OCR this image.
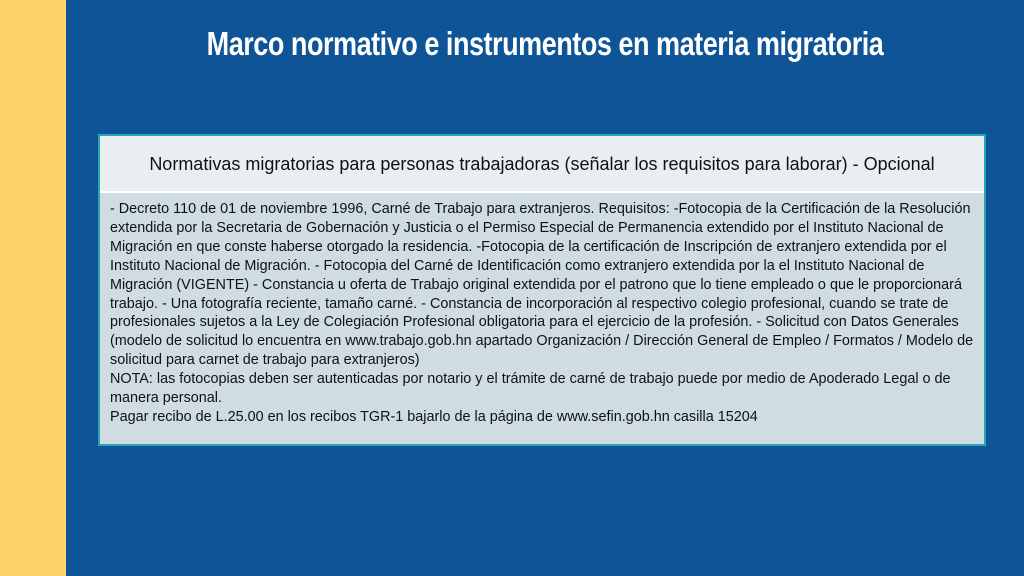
Marco normativo e instrumentos en materia migratoria
Normativas migratorias para personas trabajadoras (señalar los requisitos para laborar) - Opcional

- Decreto 110 de 01 de noviembre 1996, Carné de Trabajo para extranjeros. Requisitos: -Fotocopia de la Certificación de la Resolución extendida por la Secretaria de Gobernación y Justicia o el Permiso Especial de Permanencia extendido por el Instituto Nacional de Migración en que conste haberse otorgado la residencia. -Fotocopia de la certificación de Inscripción de extranjero extendida por el Instituto Nacional de Migración. - Fotocopia del Carné de Identificación como extranjero extendida por la el Instituto Nacional de Migración (VIGENTE) - Constancia u oferta de Trabajo original extendida por el patrono que lo tiene empleado o que le proporcionará trabajo. - Una fotografía reciente, tamaño carné. - Constancia de incorporación al respectivo colegio profesional, cuando se trate de profesionales sujetos a la Ley de Colegiación Profesional obligatoria para el ejercicio de la profesión. - Solicitud con Datos Generales (modelo de solicitud lo encuentra en www.trabajo.gob.hn apartado Organización / Dirección General de Empleo / Formatos / Modelo de solicitud para carnet de trabajo para extranjeros)

NOTA: las fotocopias deben ser autenticadas por notario y el trámite de carné de trabajo puede por medio de Apoderado Legal o de manera personal.

Pagar recibo de L.25.00 en los recibos TGR-1 bajarlo de la página de www.sefin.gob.hn casilla 15204
